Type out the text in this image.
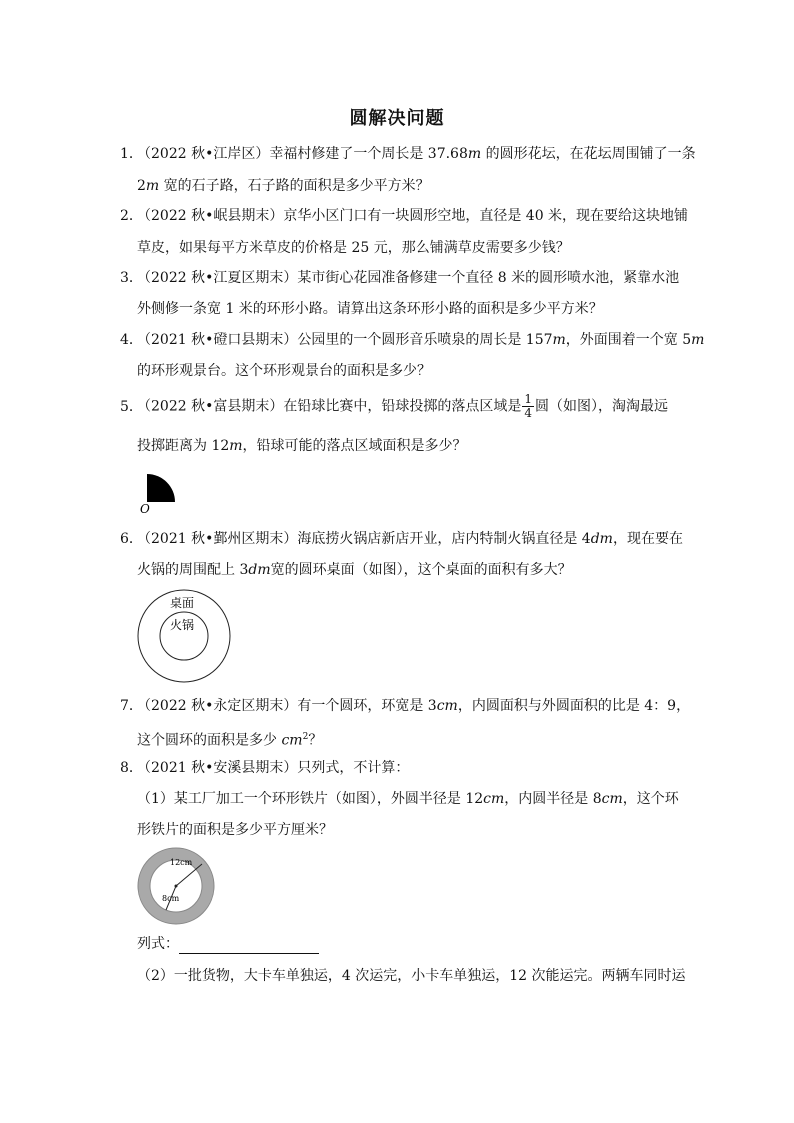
圆解决问题
1．（2022 秋•江岸区）幸福村修建了一个周长是 37.68m 的圆形花坛，在花坛周围铺了一条
2m 宽的石子路，石子路的面积是多少平方米？
2．（2022 秋•岷县期末）京华小区门口有一块圆形空地，直径是 40 米，现在要给这块地铺
草皮，如果每平方米草皮的价格是 25 元，那么铺满草皮需要多少钱？
3．（2022 秋•江夏区期末）某市街心花园准备修建一个直径 8 米的圆形喷水池，紧靠水池
外侧修一条宽 1 米的环形小路。请算出这条环形小路的面积是多少平方米？
4．（2021 秋•磴口县期末）公园里的一个圆形音乐喷泉的周长是 157m，外面围着一个宽 5m
的环形观景台。这个环形观景台的面积是多少？
5．（2022 秋•富县期末）在铅球比赛中，铅球投掷的落点区域是 $\frac{1}{4}$ 圆（如图），淘淘最远
投掷距离为 12m，铅球可能的落点区域面积是多少？
O
6．（2021 秋•鄞州区期末）海底捞火锅店新店开业，店内特制火锅直径是 4dm，现在要在
火锅的周围配上 3dm宽的圆环桌面（如图），这个桌面的面积有多大？
桌面
火锅
7．（2022 秋•永定区期末）有一个圆环，环宽是 3cm，内圆面积与外圆面积的比是 4：9，
这个圆环的面积是多少 $cm^2$？
8．（2021 秋•安溪县期末）只列式，不计算：
（1）某工厂加工一个环形铁片（如图），外圆半径是 12cm，内圆半径是 8cm，这个环
形铁片的面积是多少平方厘米？
12cm
8cm
列式：
（2）一批货物，大卡车单独运，4 次运完，小卡车单独运，12 次能运完。两辆车同时运
